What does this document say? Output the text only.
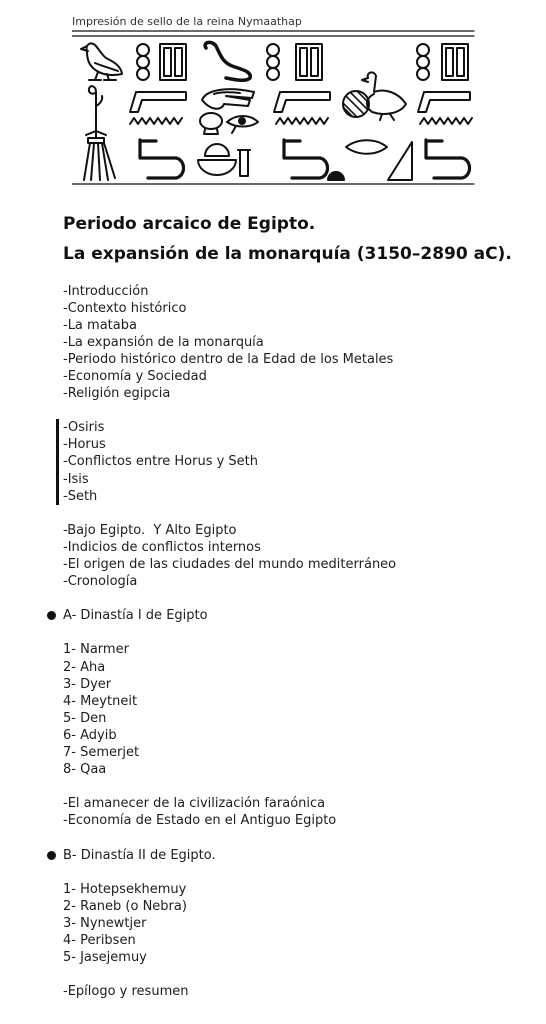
Impresión de sello de la reina Nymaathap
Periodo arcaico de Egipto.
La expansión de la monarquía (3150–2890 aC).
-Introducción
-Contexto histórico
-La mataba
-La expansión de la monarquía
-Periodo histórico dentro de la Edad de los Metales
-Economía y Sociedad
-Religión egipcia
-Osiris
-Horus
-Conflictos entre Horus y Seth
-Isis
-Seth
-Bajo Egipto.  Y Alto Egipto
-Indicios de conflictos internos
-El origen de las ciudades del mundo mediterráneo
-Cronología
A- Dinastía I de Egipto
1- Narmer
2- Aha
3- Dyer
4- Meytneit
5- Den
6- Adyib
7- Semerjet
8- Qaa
-El amanecer de la civilización faraónica
-Economía de Estado en el Antiguo Egipto
B- Dinastía II de Egipto.
1- Hotepsekhemuy
2- Raneb (o Nebra)
3- Nynewtjer
4- Peribsen
5- Jasejemuy
-Epílogo y resumen
